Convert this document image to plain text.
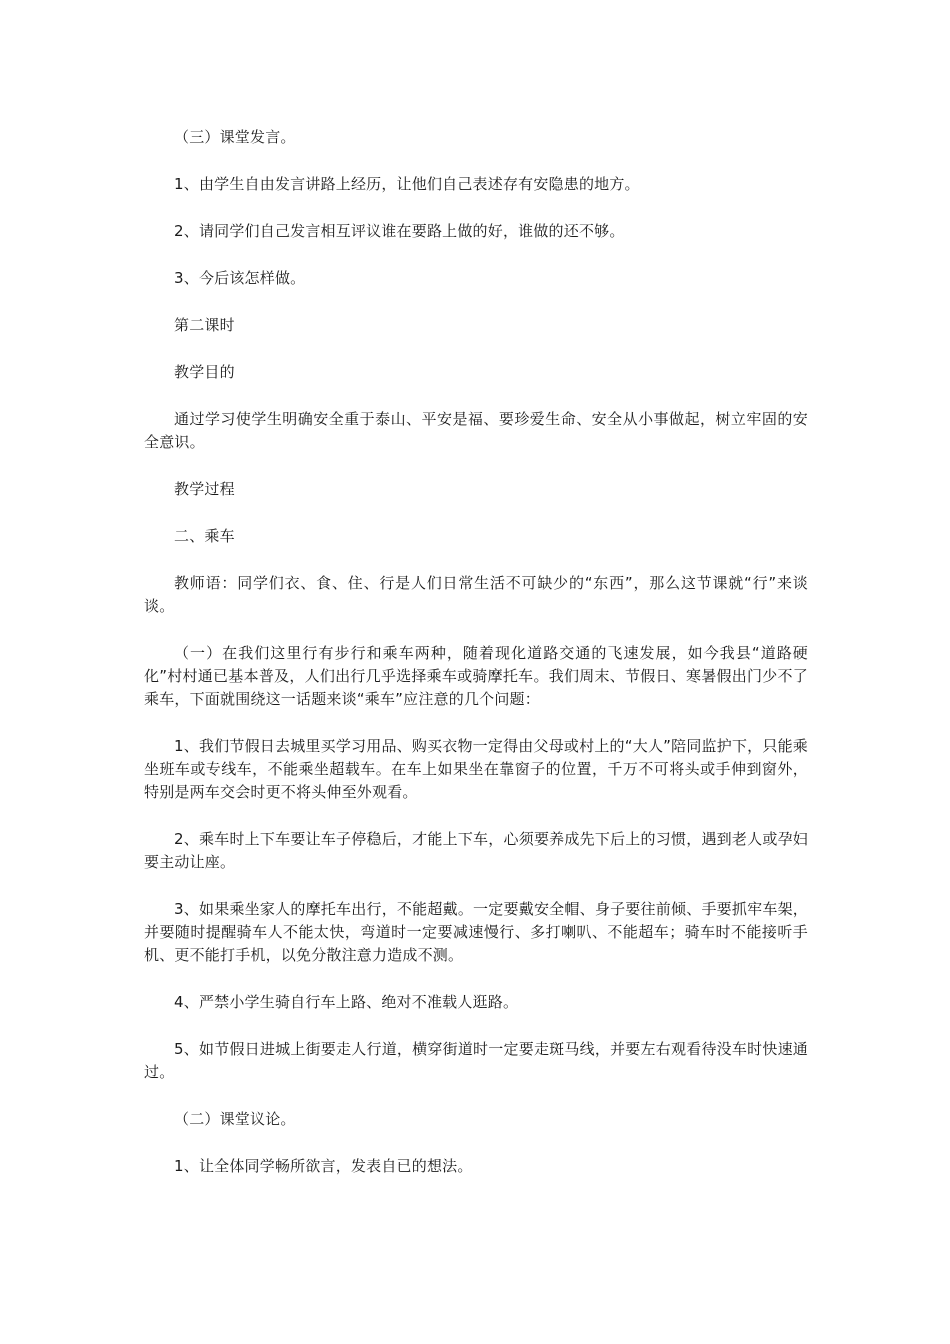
（三）课堂发言。

1、由学生自由发言讲路上经历，让他们自己表述存有安隐患的地方。

2、请同学们自己发言相互评议谁在要路上做的好，谁做的还不够。

3、今后该怎样做。

第二课时

教学目的

通过学习使学生明确安全重于泰山、平安是福、要珍爱生命、安全从小事做起，树立牢固的安全意识。

教学过程

二、乘车

教师语：同学们衣、食、住、行是人们日常生活不可缺少的“东西”，那么这节课就“行”来谈谈。

（一）在我们这里行有步行和乘车两种，随着现化道路交通的飞速发展，如今我县“道路硬化”村村通已基本普及，人们出行几乎选择乘车或骑摩托车。我们周末、节假日、寒暑假出门少不了乘车，下面就围绕这一话题来谈“乘车”应注意的几个问题：

1、我们节假日去城里买学习用品、购买衣物一定得由父母或村上的“大人”陪同监护下，只能乘坐班车或专线车，不能乘坐超载车。在车上如果坐在靠窗子的位置，千万不可将头或手伸到窗外，特别是两车交会时更不将头伸至外观看。

2、乘车时上下车要让车子停稳后，才能上下车，心须要养成先下后上的习惯，遇到老人或孕妇要主动让座。

3、如果乘坐家人的摩托车出行，不能超戴。一定要戴安全帽、身子要往前倾、手要抓牢车架，并要随时提醒骑车人不能太快，弯道时一定要减速慢行、多打喇叭、不能超车；骑车时不能接听手机、更不能打手机，以免分散注意力造成不测。

4、严禁小学生骑自行车上路、绝对不准载人逛路。

5、如节假日进城上街要走人行道，横穿街道时一定要走斑马线，并要左右观看待没车时快速通过。

（二）课堂议论。

1、让全体同学畅所欲言，发表自已的想法。
